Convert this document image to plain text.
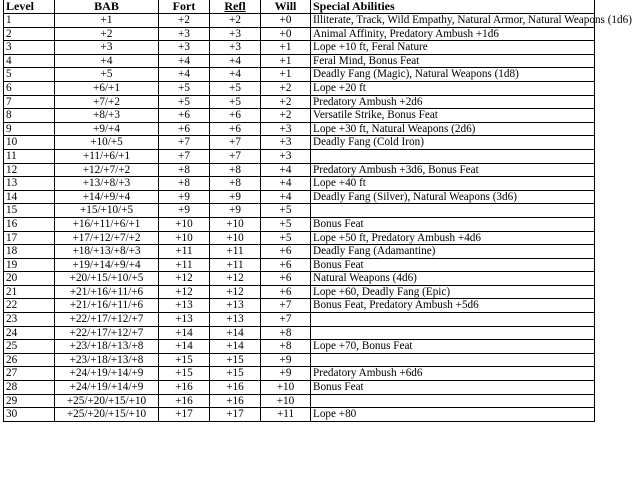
Level	BAB	Fort	Refl	Will	Special Abilities
1	+1	+2	+2	+0	Illiterate, Track, Wild Empathy, Natural Armor, Natural Weapons (1d6)
2	+2	+3	+3	+0	Animal Affinity, Predatory Ambush +1d6
3	+3	+3	+3	+1	Lope +10 ft, Feral Nature
4	+4	+4	+4	+1	Feral Mind, Bonus Feat
5	+5	+4	+4	+1	Deadly Fang (Magic), Natural Weapons (1d8)
6	+6/+1	+5	+5	+2	Lope +20 ft
7	+7/+2	+5	+5	+2	Predatory Ambush +2d6
8	+8/+3	+6	+6	+2	Versatile Strike, Bonus Feat
9	+9/+4	+6	+6	+3	Lope +30 ft, Natural Weapons (2d6)
10	+10/+5	+7	+7	+3	Deadly Fang (Cold Iron)
11	+11/+6/+1	+7	+7	+3	
12	+12/+7/+2	+8	+8	+4	Predatory Ambush +3d6, Bonus Feat
13	+13/+8/+3	+8	+8	+4	Lope +40 ft
14	+14/+9/+4	+9	+9	+4	Deadly Fang (Silver), Natural Weapons (3d6)
15	+15/+10/+5	+9	+9	+5	
16	+16/+11/+6/+1	+10	+10	+5	Bonus Feat
17	+17/+12/+7/+2	+10	+10	+5	Lope +50 ft, Predatory Ambush +4d6
18	+18/+13/+8/+3	+11	+11	+6	Deadly Fang (Adamantine)
19	+19/+14/+9/+4	+11	+11	+6	Bonus Feat
20	+20/+15/+10/+5	+12	+12	+6	Natural Weapons (4d6)
21	+21/+16/+11/+6	+12	+12	+6	Lope +60, Deadly Fang (Epic)
22	+21/+16/+11/+6	+13	+13	+7	Bonus Feat, Predatory Ambush +5d6
23	+22/+17/+12/+7	+13	+13	+7	
24	+22/+17/+12/+7	+14	+14	+8	
25	+23/+18/+13/+8	+14	+14	+8	Lope +70, Bonus Feat
26	+23/+18/+13/+8	+15	+15	+9	
27	+24/+19/+14/+9	+15	+15	+9	Predatory Ambush +6d6
28	+24/+19/+14/+9	+16	+16	+10	Bonus Feat
29	+25/+20/+15/+10	+16	+16	+10	
30	+25/+20/+15/+10	+17	+17	+11	Lope +80
